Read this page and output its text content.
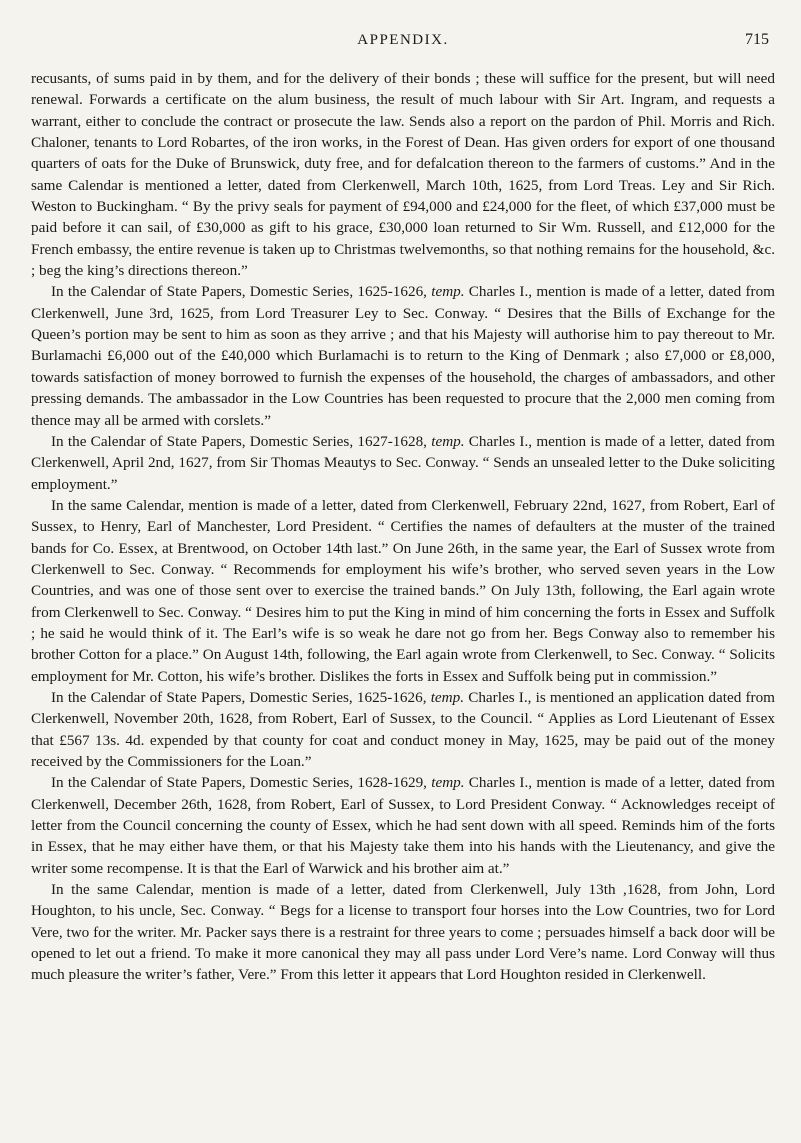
APPENDIX.	715

recusants, of sums paid in by them, and for the delivery of their bonds ; these will suffice for the present, but will need renewal. Forwards a certificate on the alum business, the result of much labour with Sir Art. Ingram, and requests a warrant, either to conclude the contract or prosecute the law. Sends also a report on the pardon of Phil. Morris and Rich. Chaloner, tenants to Lord Robartes, of the iron works, in the Forest of Dean. Has given orders for export of one thousand quarters of oats for the Duke of Brunswick, duty free, and for defalcation thereon to the farmers of customs.” And in the same Calendar is mentioned a letter, dated from Clerkenwell, March 10th, 1625, from Lord Treas. Ley and Sir Rich. Weston to Buckingham. “ By the privy seals for payment of £94,000 and £24,000 for the fleet, of which £37,000 must be paid before it can sail, of £30,000 as gift to his grace, £30,000 loan returned to Sir Wm. Russell, and £12,000 for the French embassy, the entire revenue is taken up to Christmas twelvemonths, so that nothing remains for the household, &c. ; beg the king’s directions thereon.”

In the Calendar of State Papers, Domestic Series, 1625-1626, temp. Charles I., mention is made of a letter, dated from Clerkenwell, June 3rd, 1625, from Lord Treasurer Ley to Sec. Conway. “ Desires that the Bills of Exchange for the Queen’s portion may be sent to him as soon as they arrive ; and that his Majesty will authorise him to pay thereout to Mr. Burlamachi £6,000 out of the £40,000 which Burlamachi is to return to the King of Denmark ; also £7,000 or £8,000, towards satisfaction of money borrowed to furnish the expenses of the household, the charges of ambassadors, and other pressing demands. The ambassador in the Low Countries has been requested to procure that the 2,000 men coming from thence may all be armed with corslets.”

In the Calendar of State Papers, Domestic Series, 1627-1628, temp. Charles I., mention is made of a letter, dated from Clerkenwell, April 2nd, 1627, from Sir Thomas Meautys to Sec. Conway. “ Sends an unsealed letter to the Duke soliciting employment.”

In the same Calendar, mention is made of a letter, dated from Clerkenwell, February 22nd, 1627, from Robert, Earl of Sussex, to Henry, Earl of Manchester, Lord President. “ Certifies the names of defaulters at the muster of the trained bands for Co. Essex, at Brentwood, on October 14th last.” On June 26th, in the same year, the Earl of Sussex wrote from Clerkenwell to Sec. Conway. “ Recommends for employment his wife’s brother, who served seven years in the Low Countries, and was one of those sent over to exercise the trained bands.” On July 13th, following, the Earl again wrote from Clerkenwell to Sec. Conway. “ Desires him to put the King in mind of him concerning the forts in Essex and Suffolk ; he said he would think of it. The Earl’s wife is so weak he dare not go from her. Begs Conway also to remember his brother Cotton for a place.” On August 14th, following, the Earl again wrote from Clerkenwell, to Sec. Conway. “ Solicits employment for Mr. Cotton, his wife’s brother. Dislikes the forts in Essex and Suffolk being put in commission.”

In the Calendar of State Papers, Domestic Series, 1625-1626, temp. Charles I., is mentioned an application dated from Clerkenwell, November 20th, 1628, from Robert, Earl of Sussex, to the Council. “ Applies as Lord Lieutenant of Essex that £567 13s. 4d. expended by that county for coat and conduct money in May, 1625, may be paid out of the money received by the Commissioners for the Loan.”

In the Calendar of State Papers, Domestic Series, 1628-1629, temp. Charles I., mention is made of a letter, dated from Clerkenwell, December 26th, 1628, from Robert, Earl of Sussex, to Lord President Conway. “ Acknowledges receipt of letter from the Council concerning the county of Essex, which he had sent down with all speed. Reminds him of the forts in Essex, that he may either have them, or that his Majesty take them into his hands with the Lieutenancy, and give the writer some recompense. It is that the Earl of Warwick and his brother aim at.”

In the same Calendar, mention is made of a letter, dated from Clerkenwell, July 13th ,1628, from John, Lord Houghton, to his uncle, Sec. Conway. “ Begs for a license to transport four horses into the Low Countries, two for Lord Vere, two for the writer. Mr. Packer says there is a restraint for three years to come ; persuades himself a back door will be opened to let out a friend. To make it more canonical they may all pass under Lord Vere’s name. Lord Conway will thus much pleasure the writer’s father, Vere.” From this letter it appears that Lord Houghton resided in Clerkenwell.
